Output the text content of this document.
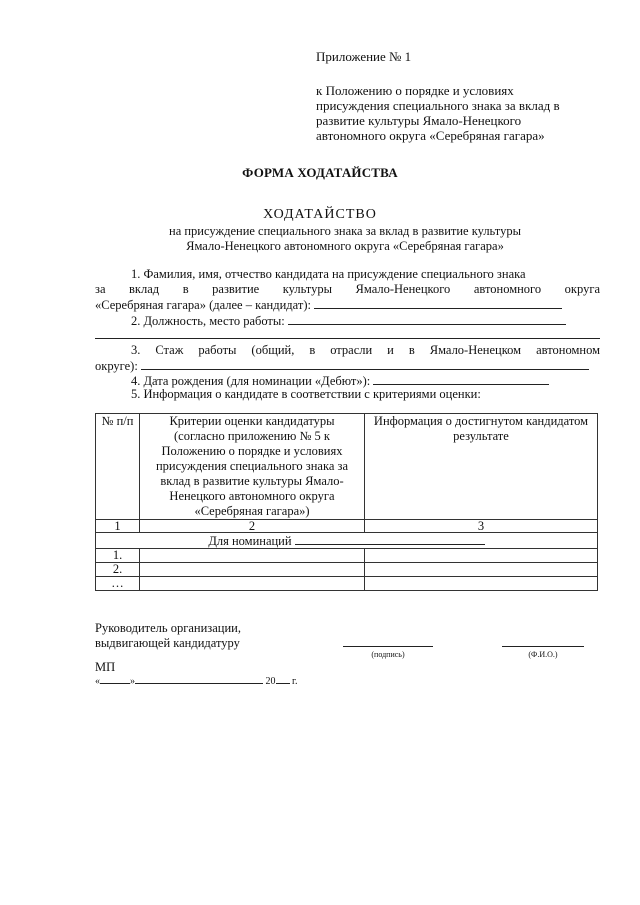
Приложение № 1
к Положению о порядке и условиях
присуждения специального знака за вклад в
развитие культуры Ямало-Ненецкого
автономного округа «Серебряная гагара»
ФОРМА ХОДАТАЙСТВА
ХОДАТАЙСТВО
на присуждение специального знака за вклад в развитие культуры
Ямало-Ненецкого автономного округа «Серебряная гагара»
1. Фамилия, имя, отчество кандидата на присуждение специального знака
за вклад в развитие культуры Ямало-Ненецкого автономного округа
«Серебряная гагара» (далее – кандидат):
2. Должность, место работы:
3. Стаж работы (общий, в отрасли и в Ямало-Ненецком автономном
округе):
4. Дата рождения (для номинации «Дебют»):
5. Информация о кандидате в соответствии с критериями оценки:
№ п/п	Критерии оценки кандидатуры (согласно приложению № 5 к Положению о порядке и условиях присуждения специального знака за вклад в развитие культуры Ямало-Ненецкого автономного округа «Серебряная гагара»)	Информация о достигнутом кандидатом результате
1	2	3
Для номинаций		
1.		
2.		
…		
Руководитель организации,
выдвигающей кандидатуру
(подпись)	(Ф.И.О.)
МП
«	»	20 г.
